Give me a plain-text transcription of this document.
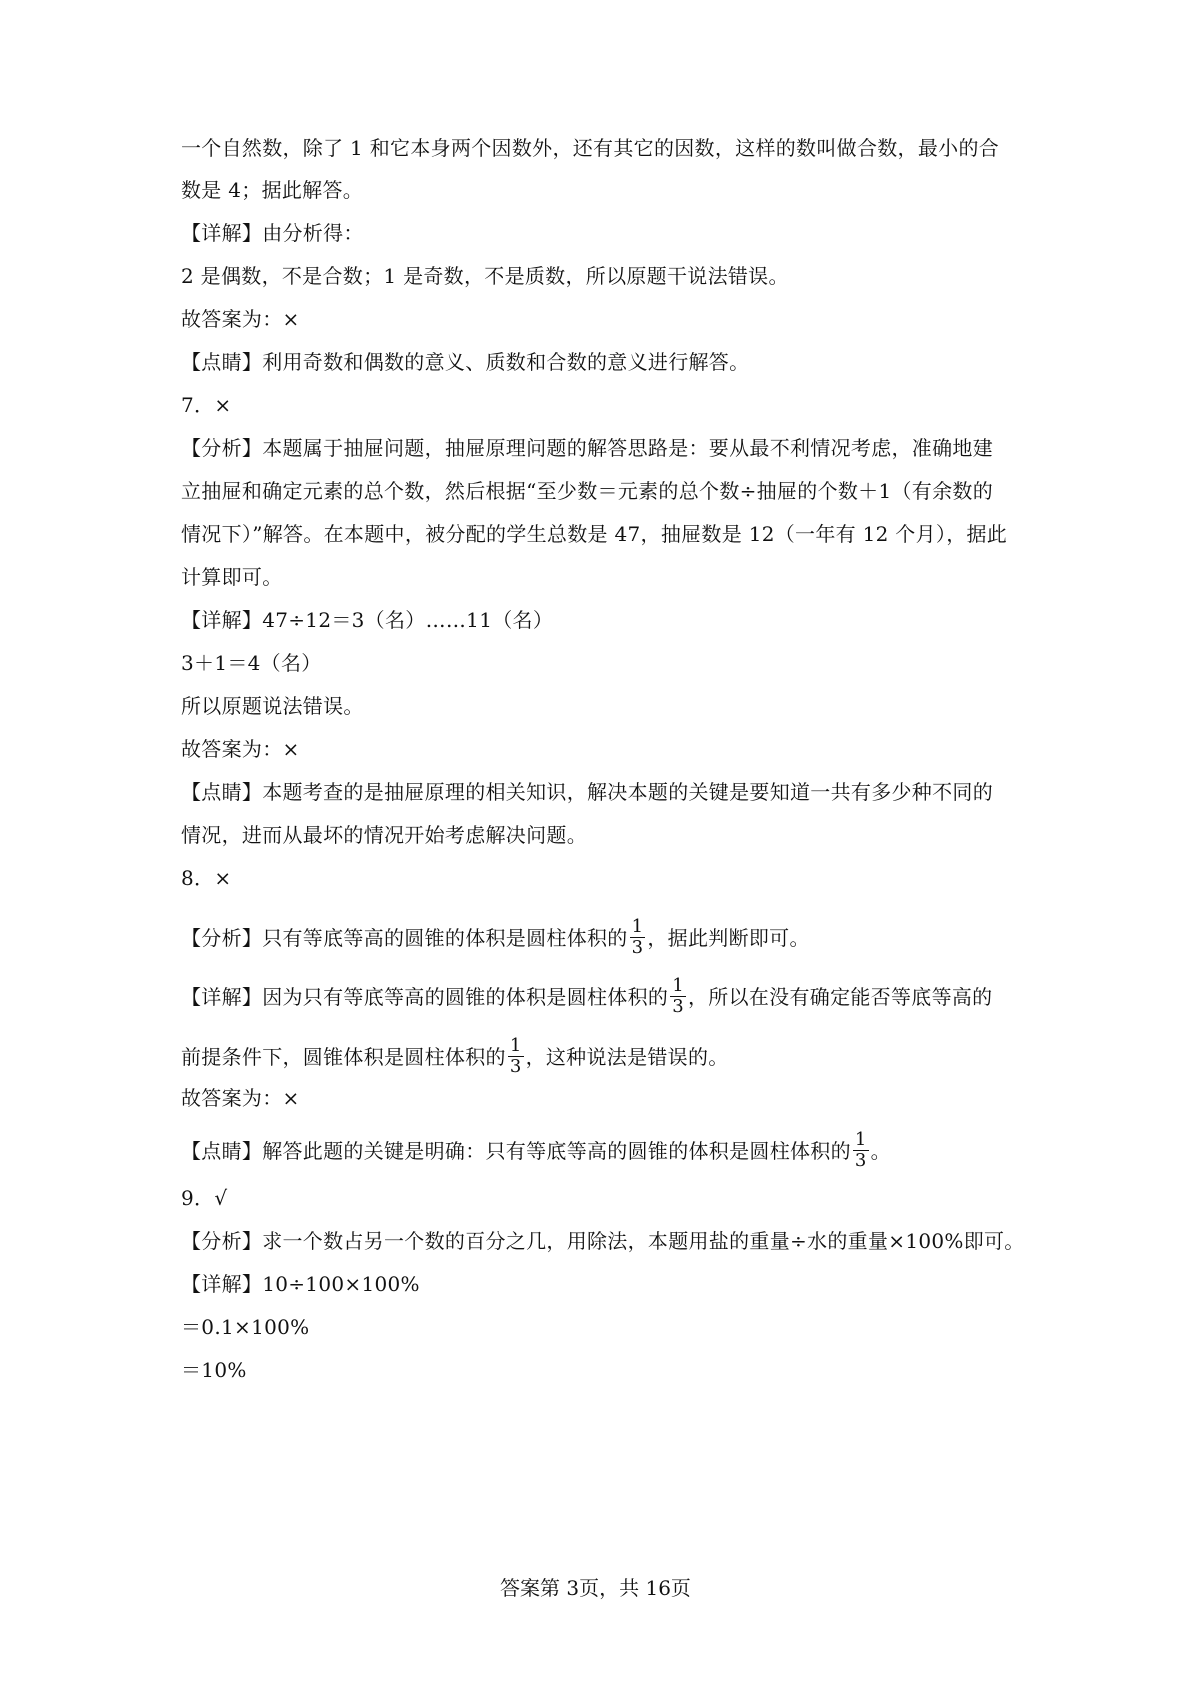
一个自然数，除了 1 和它本身两个因数外，还有其它的因数，这样的数叫做合数，最小的合

数是 4；据此解答。

【详解】由分析得：

2 是偶数，不是合数；1 是奇数，不是质数，所以原题干说法错误。

故答案为：×

【点睛】利用奇数和偶数的意义、质数和合数的意义进行解答。

7．×

【分析】本题属于抽屉问题，抽屉原理问题的解答思路是：要从最不利情况考虑，准确地建

立抽屉和确定元素的总个数，然后根据“至少数＝元素的总个数÷抽屉的个数＋1（有余数的

情况下）”解答。在本题中，被分配的学生总数是 47，抽屉数是 12（一年有 12 个月），据此

计算即可。

【详解】47÷12＝3（名）……11（名）

3＋1＝4（名）

所以原题说法错误。

故答案为：×

【点睛】本题考查的是抽屉原理的相关知识，解决本题的关键是要知道一共有多少种不同的

情况，进而从最坏的情况开始考虑解决问题。

8．×

【分析】只有等底等高的圆锥的体积是圆柱体积的 $\frac{1}{3}$ ，据此判断即可。

【详解】因为只有等底等高的圆锥的体积是圆柱体积的 $\frac{1}{3}$ ，所以在没有确定能否等底等高的

前提条件下，圆锥体积是圆柱体积的 $\frac{1}{3}$ ，这种说法是错误的。

故答案为：×

【点睛】解答此题的关键是明确：只有等底等高的圆锥的体积是圆柱体积的 $\frac{1}{3}$ 。

9．√

【分析】求一个数占另一个数的百分之几，用除法，本题用盐的重量÷水的重量×100%即可。

【详解】10÷100×100%

＝0.1×100%

＝10%

答案第 3页，共 16页
